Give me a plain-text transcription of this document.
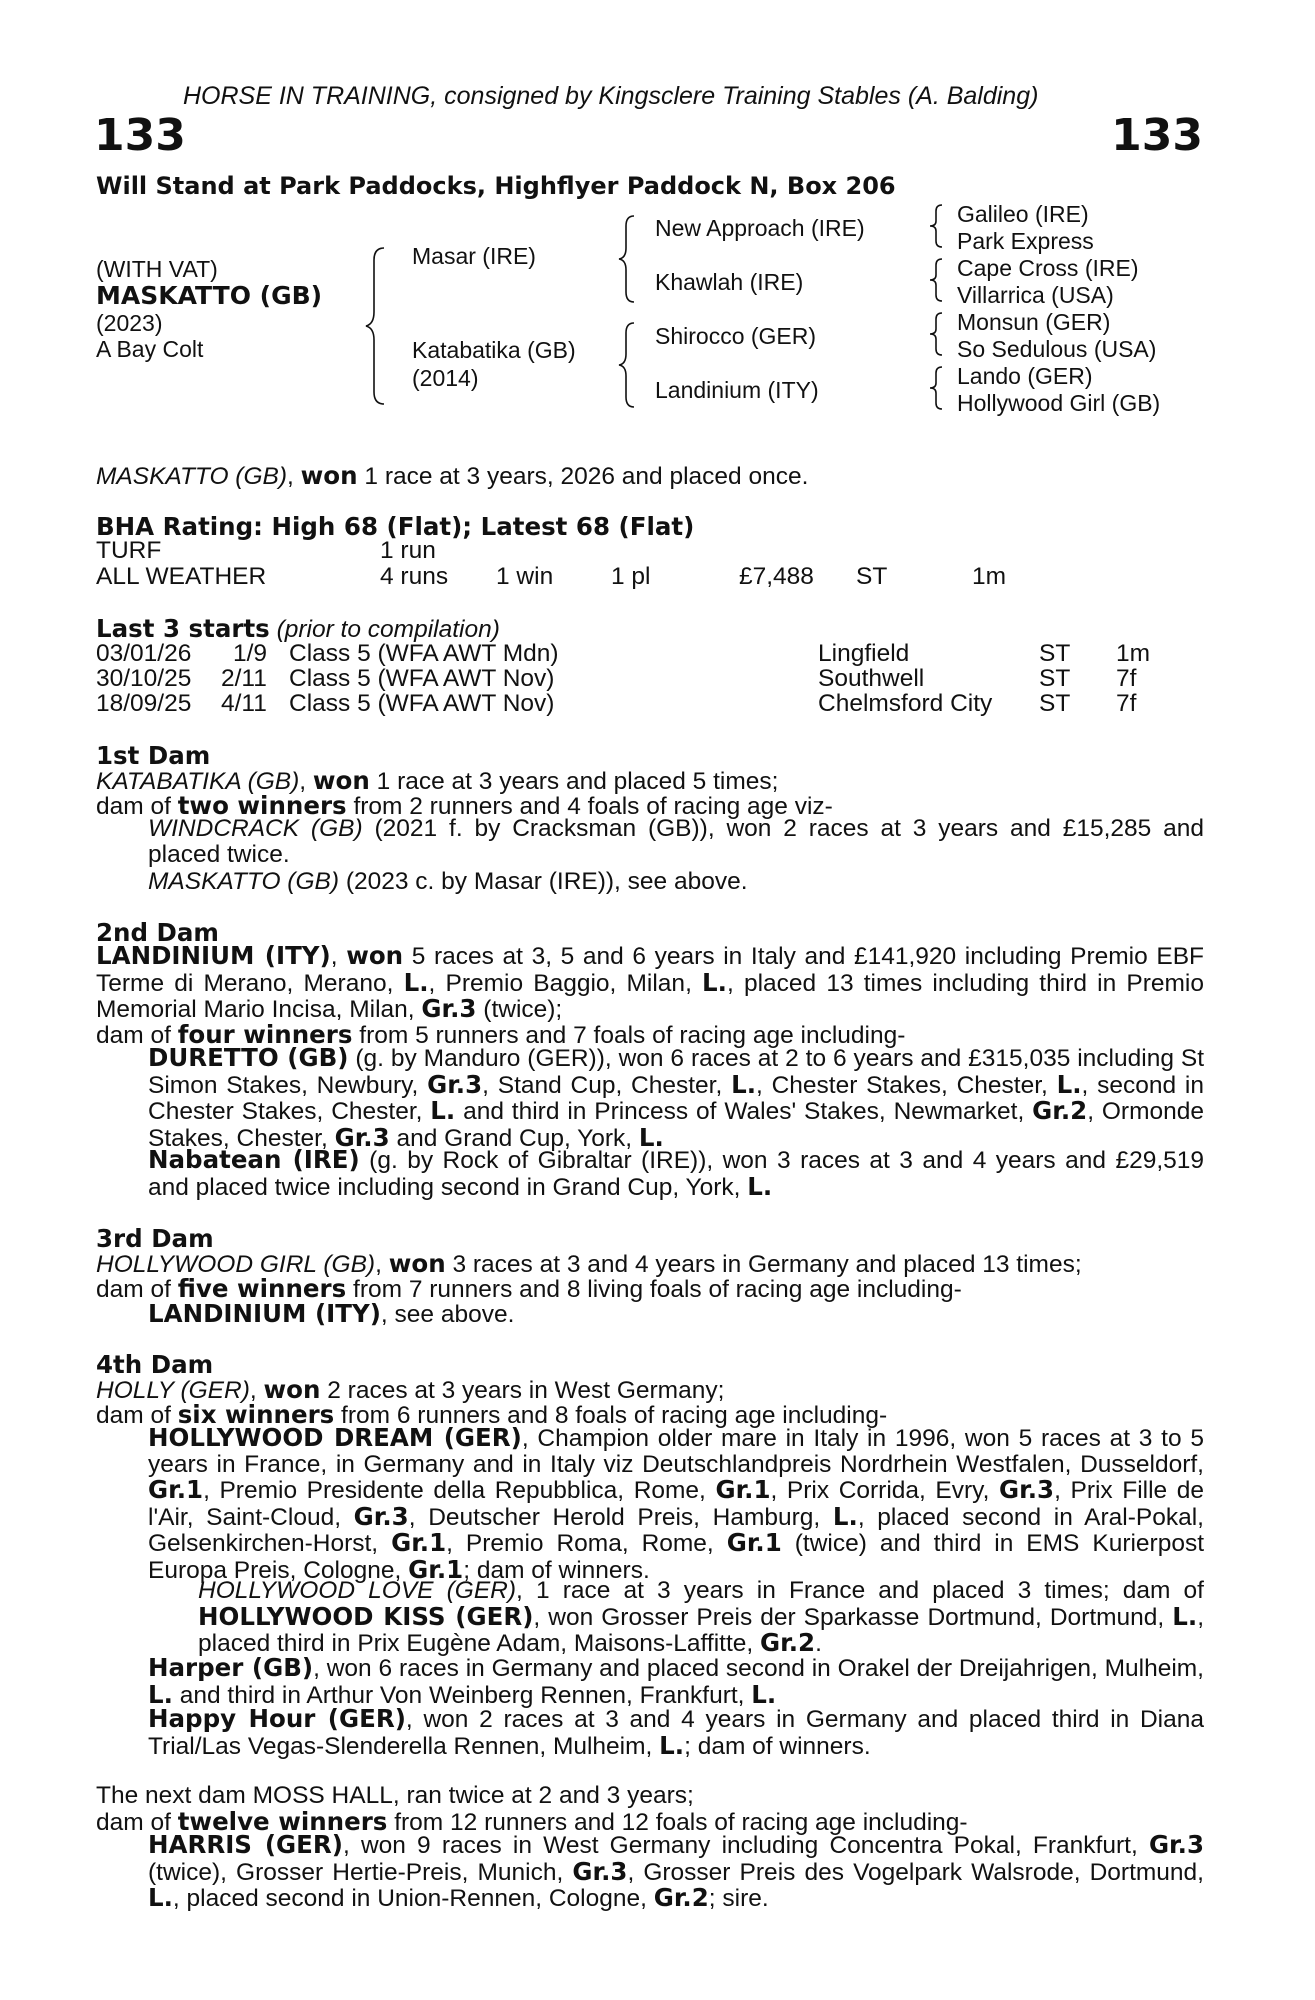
HORSE IN TRAINING, consigned by Kingsclere Training Stables (A. Balding)
133	133
Will Stand at Park Paddocks, Highflyer Paddock N, Box 206
(WITH VAT)
MASKATTO (GB)
(2023)
A Bay Colt
Masar (IRE)
Katabatika (GB)
(2014)
New Approach (IRE)
Khawlah (IRE)
Shirocco (GER)
Landinium (ITY)
Galileo (IRE)
Park Express
Cape Cross (IRE)
Villarrica (USA)
Monsun (GER)
So Sedulous (USA)
Lando (GER)
Hollywood Girl (GB)
MASKATTO (GB), won 1 race at 3 years, 2026 and placed once.
BHA Rating: High 68 (Flat); Latest 68 (Flat)
TURF	1 run
ALL WEATHER	4 runs 1 win 1 pl	£7,488 ST	1m
Last 3 starts (prior to compilation)
03/01/26 1/9 Class 5 (WFA AWT Mdn)	Lingfield	ST 1m
30/10/25 2/11 Class 5 (WFA AWT Nov)	Southwell	ST 7f
18/09/25 4/11 Class 5 (WFA AWT Nov)	Chelmsford City ST 7f
1st Dam
KATABATIKA (GB), won 1 race at 3 years and placed 5 times;
dam of two winners from 2 runners and 4 foals of racing age viz-
WINDCRACK (GB) (2021 f. by Cracksman (GB)), won 2 races at 3 years and £15,285 and placed twice.
MASKATTO (GB) (2023 c. by Masar (IRE)), see above.
2nd Dam
LANDINIUM (ITY), won 5 races at 3, 5 and 6 years in Italy and £141,920 including Premio EBF Terme di Merano, Merano, L., Premio Baggio, Milan, L., placed 13 times including third in Premio Memorial Mario Incisa, Milan, Gr.3 (twice);
dam of four winners from 5 runners and 7 foals of racing age including-
DURETTO (GB) (g. by Manduro (GER)), won 6 races at 2 to 6 years and £315,035 including St Simon Stakes, Newbury, Gr.3, Stand Cup, Chester, L., Chester Stakes, Chester, L., second in Chester Stakes, Chester, L. and third in Princess of Wales' Stakes, Newmarket, Gr.2, Ormonde Stakes, Chester, Gr.3 and Grand Cup, York, L.
Nabatean (IRE) (g. by Rock of Gibraltar (IRE)), won 3 races at 3 and 4 years and £29,519 and placed twice including second in Grand Cup, York, L.
3rd Dam
HOLLYWOOD GIRL (GB), won 3 races at 3 and 4 years in Germany and placed 13 times;
dam of five winners from 7 runners and 8 living foals of racing age including-
LANDINIUM (ITY), see above.
4th Dam
HOLLY (GER), won 2 races at 3 years in West Germany;
dam of six winners from 6 runners and 8 foals of racing age including-
HOLLYWOOD DREAM (GER), Champion older mare in Italy in 1996, won 5 races at 3 to 5 years in France, in Germany and in Italy viz Deutschlandpreis Nordrhein Westfalen, Dusseldorf, Gr.1, Premio Presidente della Repubblica, Rome, Gr.1, Prix Corrida, Evry, Gr.3, Prix Fille de l'Air, Saint-Cloud, Gr.3, Deutscher Herold Preis, Hamburg, L., placed second in Aral-Pokal, Gelsenkirchen-Horst, Gr.1, Premio Roma, Rome, Gr.1 (twice) and third in EMS Kurierpost Europa Preis, Cologne, Gr.1; dam of winners.
HOLLYWOOD LOVE (GER), 1 race at 3 years in France and placed 3 times; dam of HOLLYWOOD KISS (GER), won Grosser Preis der Sparkasse Dortmund, Dortmund, L., placed third in Prix Eugène Adam, Maisons-Laffitte, Gr.2.
Harper (GB), won 6 races in Germany and placed second in Orakel der Dreijahrigen, Mulheim, L. and third in Arthur Von Weinberg Rennen, Frankfurt, L.
Happy Hour (GER), won 2 races at 3 and 4 years in Germany and placed third in Diana Trial/Las Vegas-Slenderella Rennen, Mulheim, L.; dam of winners.
The next dam MOSS HALL, ran twice at 2 and 3 years;
dam of twelve winners from 12 runners and 12 foals of racing age including-
HARRIS (GER), won 9 races in West Germany including Concentra Pokal, Frankfurt, Gr.3 (twice), Grosser Hertie-Preis, Munich, Gr.3, Grosser Preis des Vogelpark Walsrode, Dortmund, L., placed second in Union-Rennen, Cologne, Gr.2; sire.
